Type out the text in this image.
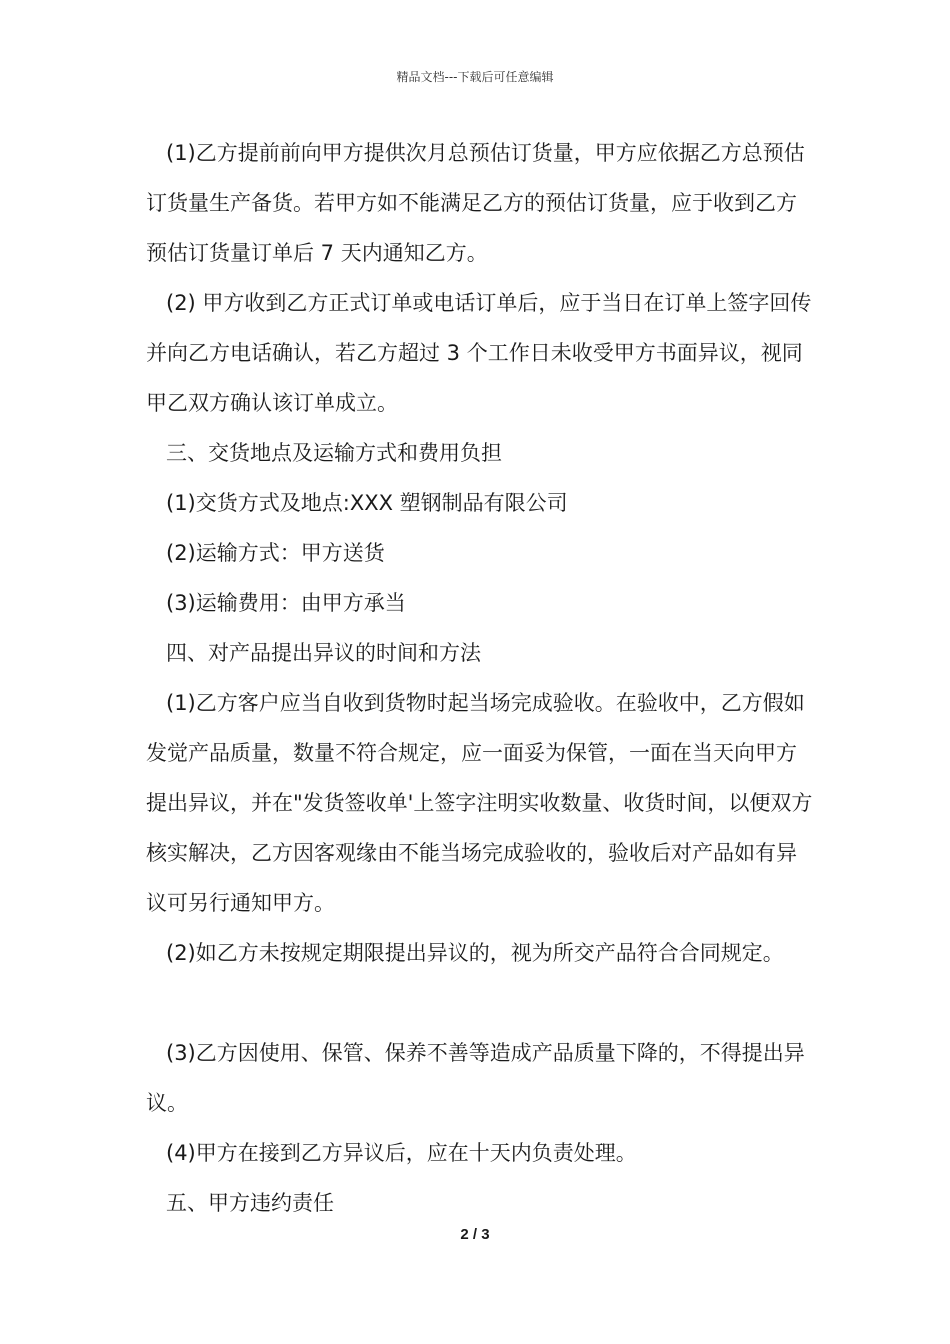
精品文档---下载后可任意编辑

(1)乙方提前前向甲方提供次月总预估订货量，甲方应依据乙方总预估订货量生产备货。若甲方如不能满足乙方的预估订货量，应于收到乙方预估订货量订单后 7 天内通知乙方。

(2) 甲方收到乙方正式订单或电话订单后，应于当日在订单上签字回传并向乙方电话确认，若乙方超过 3 个工作日未收受甲方书面异议，视同甲乙双方确认该订单成立。

三、交货地点及运输方式和费用负担

(1)交货方式及地点:XXX 塑钢制品有限公司

(2)运输方式：甲方送货

(3)运输费用：由甲方承当

四、对产品提出异议的时间和方法

(1)乙方客户应当自收到货物时起当场完成验收。在验收中，乙方假如发觉产品质量，数量不符合规定，应一面妥为保管，一面在当天向甲方提出异议，并在"发货签收单'上签字注明实收数量、收货时间，以便双方核实解决，乙方因客观缘由不能当场完成验收的，验收后对产品如有异议可另行通知甲方。

(2)如乙方未按规定期限提出异议的，视为所交产品符合合同规定。

(3)乙方因使用、保管、保养不善等造成产品质量下降的，不得提出异议。

(4)甲方在接到乙方异议后，应在十天内负责处理。

五、甲方违约责任

2 / 3
